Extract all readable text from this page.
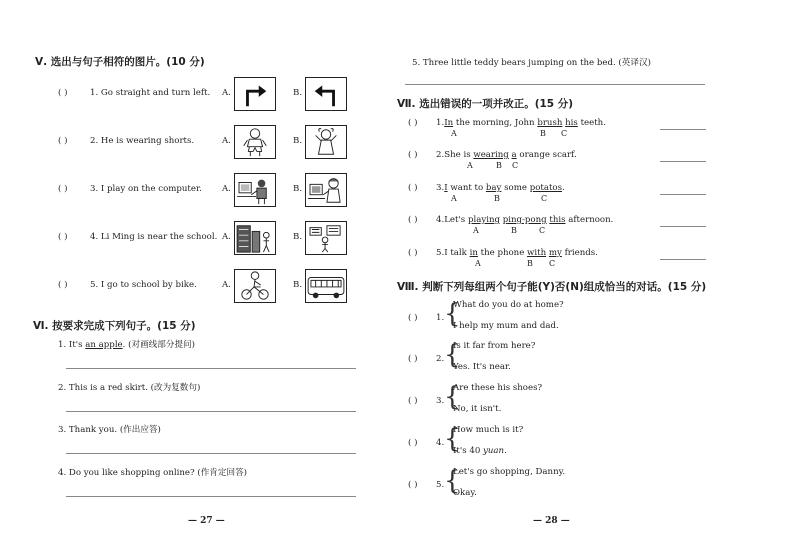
Ⅴ. 选出与句子相符的图片。(10 分)
( )	1. Go straight and turn left. A.	B.
( )	2. He is wearing shorts.	A.	B.
( )	3. I play on the computer. A.	B.
( )	4. Li Ming is near the school. A.	B.
( )	5. I go to school by bike.	A.	B.
Ⅵ. 按要求完成下列句子。(15 分)
1. It's an apple. (对画线部分提问)
2. This is a red skirt. (改为复数句)
3. Thank you. (作出应答)
4. Do you like shopping online? (作肯定回答)
— 27 —
5. Three little teddy bears jumping on the bed. (英译汉)
Ⅶ. 选出错误的一项并改正。(15 分)
( ) 1.In the morning, John brush his teeth.
A	B C
( ) 2.She is wearing a orange scarf.
A	B C
( ) 3.I want to bay some potatos.
A	B	C
( ) 4.Let's playing ping-pong this afternoon.
A	B	C
( ) 5.I talk in the phone with my friends.
A	B C
Ⅷ. 判断下列每组两个句子能(Y)否(N)组成恰当的对话。(15 分)
( ) 1. {
What do you do at home?
I help my mum and dad.
( ) 2. {
Is it far from here?
Yes. It's near.
( ) 3. {
Are these his shoes?
No, it isn't.
( ) 4. {
How much is it?
It's 40 yuan.
( ) 5. {
Let's go shopping, Danny.
Okay.
— 28 —
